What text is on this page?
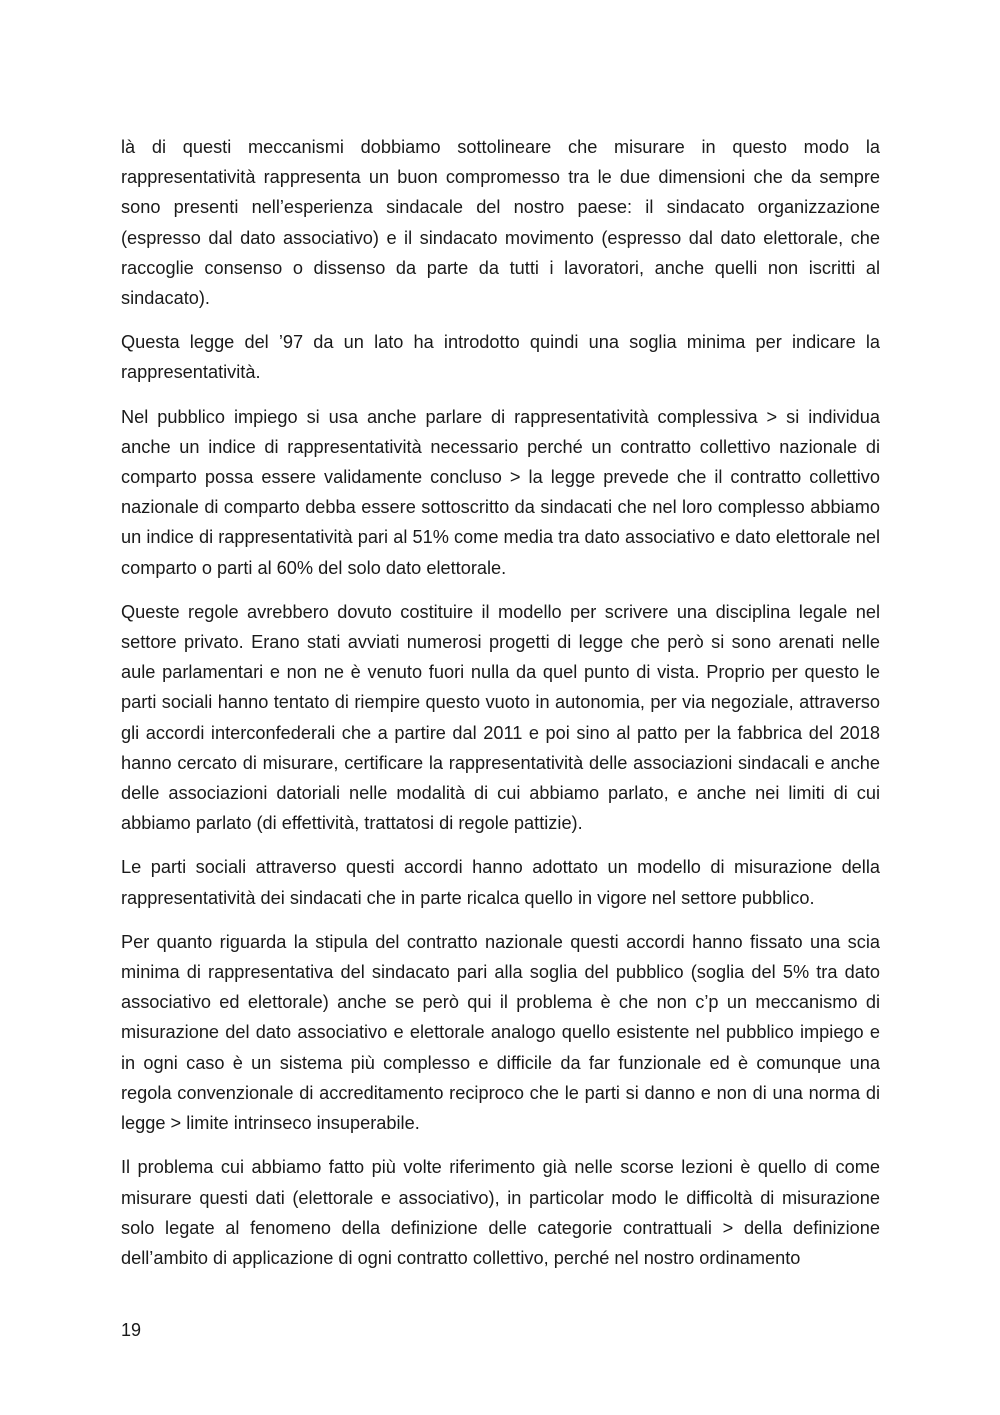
là di questi meccanismi dobbiamo sottolineare che misurare in questo modo la rappresentatività rappresenta un buon compromesso tra le due dimensioni che da sempre sono presenti nell’esperienza sindacale del nostro paese: il sindacato organizzazione (espresso dal dato associativo) e il sindacato movimento (espresso dal dato elettorale, che raccoglie consenso o dissenso da parte da tutti i lavoratori, anche quelli non iscritti al sindacato).

Questa legge del ’97 da un lato ha introdotto quindi una soglia minima per indicare la rappresentatività.

Nel pubblico impiego si usa anche parlare di rappresentatività complessiva > si individua anche un indice di rappresentatività necessario perché un contratto collettivo nazionale di comparto possa essere validamente concluso > la legge prevede che il contratto collettivo nazionale di comparto debba essere sottoscritto da sindacati che nel loro complesso abbiamo un indice di rappresentatività pari al 51% come media tra dato associativo e dato elettorale nel comparto o parti al 60% del solo dato elettorale.

Queste regole avrebbero dovuto costituire il modello per scrivere una disciplina legale nel settore privato. Erano stati avviati numerosi progetti di legge che però si sono arenati nelle aule parlamentari e non ne è venuto fuori nulla da quel punto di vista. Proprio per questo le parti sociali hanno tentato di riempire questo vuoto in autonomia, per via negoziale, attraverso gli accordi interconfederali che a partire dal 2011 e poi sino al patto per la fabbrica del 2018 hanno cercato di misurare, certificare la rappresentatività delle associazioni sindacali e anche delle associazioni datoriali nelle modalità di cui abbiamo parlato, e anche nei limiti di cui abbiamo parlato (di effettività, trattatosi di regole pattizie).

Le parti sociali attraverso questi accordi hanno adottato un modello di misurazione della rappresentatività dei sindacati che in parte ricalca quello in vigore nel settore pubblico.

Per quanto riguarda la stipula del contratto nazionale questi accordi hanno fissato una scia minima di rappresentativa del sindacato pari alla soglia del pubblico (soglia del 5% tra dato associativo ed elettorale) anche se però qui il problema è che non c’p un meccanismo di misurazione del dato associativo e elettorale analogo quello esistente nel pubblico impiego e in ogni caso è un sistema più complesso e difficile da far funzionale ed è comunque una regola convenzionale di accreditamento reciproco che le parti si danno e non di una norma di legge > limite intrinseco insuperabile.

Il problema cui abbiamo fatto più volte riferimento già nelle scorse lezioni è quello di come misurare questi dati (elettorale e associativo), in particolar modo le difficoltà di misurazione solo legate al fenomeno della definizione delle categorie contrattuali > della definizione dell’ambito di applicazione di ogni contratto collettivo, perché nel nostro ordinamento

19
